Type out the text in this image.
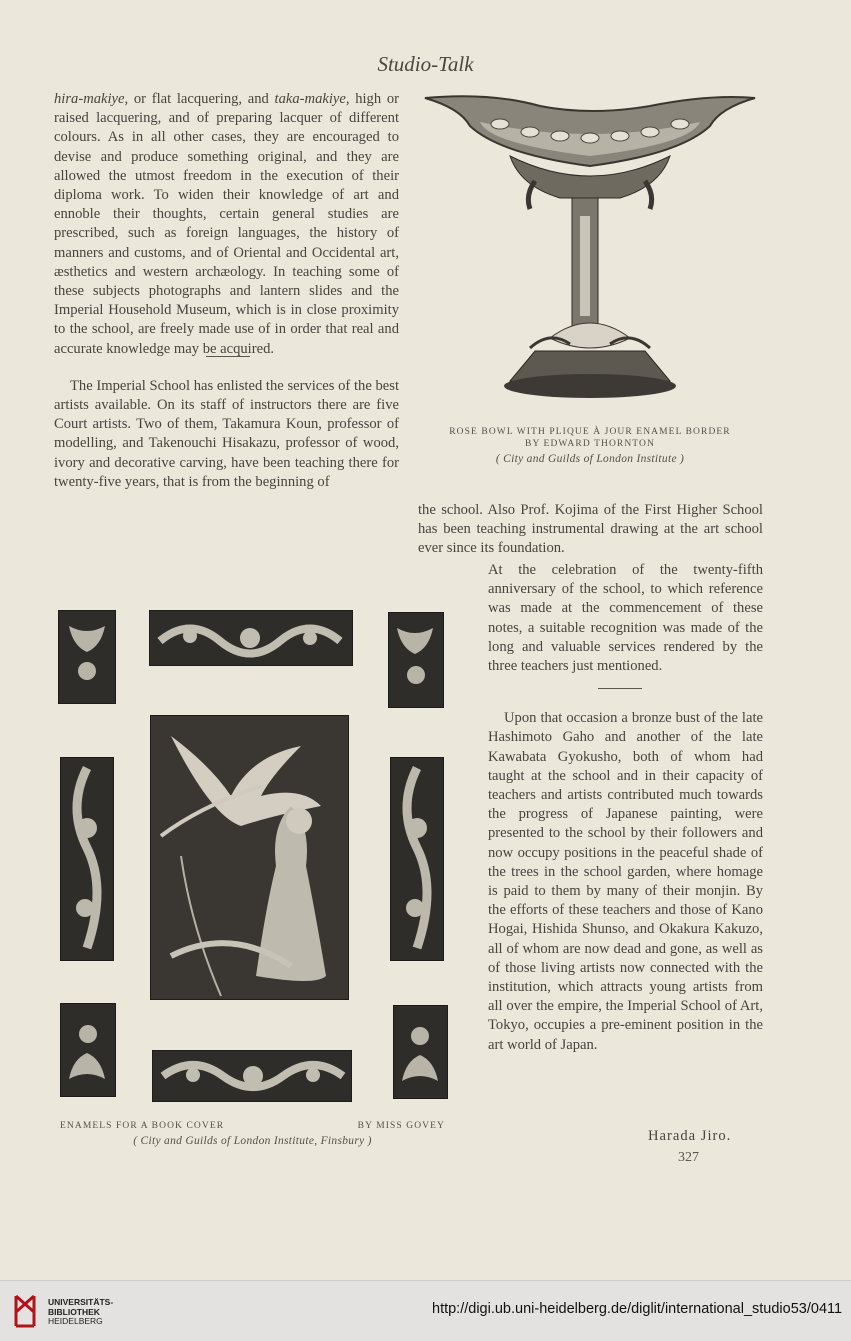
Studio-Talk

hira-makiye, or flat lacquering, and taka-makiye, high or raised lacquering, and of preparing lacquer of different colours. As in all other cases, they are encouraged to devise and produce something original, and they are allowed the utmost freedom in the execution of their diploma work. To widen their knowledge of art and ennoble their thoughts, certain general studies are prescribed, such as foreign languages, the history of manners and customs, and of Oriental and Occidental art, æsthetics and western archæology. In teaching some of these subjects photographs and lantern slides and the Imperial Household Museum, which is in close proximity to the school, are freely made use of in order that real and accurate knowledge may be acquired.

The Imperial School has enlisted the services of the best artists available. On its staff of instructors there are five Court artists. Two of them, Takamura Koun, professor of modelling, and Takenouchi Hisakazu, professor of wood, ivory and decorative carving, have been teaching there for twenty-five years, that is from the beginning of

ROSE BOWL WITH PLIQUE À JOUR ENAMEL BORDER
BY EDWARD THORNTON
( City and Guilds of London Institute )
the school. Also Prof. Kojima of the First Higher School has been teaching instrumental drawing at the art school ever since its foundation.

At the celebration of the twenty-fifth anniversary of the school, to which reference was made at the commencement of these notes, a suitable recognition was made of the long and valuable services rendered by the three teachers just mentioned.

Upon that occasion a bronze bust of the late Hashimoto Gaho and another of the late Kawabata Gyokusho, both of whom had taught at the school and in their capacity of teachers and artists contributed much towards the progress of Japanese painting, were presented to the school by their followers and now occupy positions in the peaceful shade of the trees in the school garden, where homage is paid to them by many of their monjin. By the efforts of these teachers and those of Kano Hogai, Hishida Shunso, and Okakura Kakuzo, all of whom are now dead and gone, as well as of those living artists now connected with the institution, which attracts young artists from all over the empire, the Imperial School of Art, Tokyo, occupies a pre-eminent position in the art world of Japan.

Harada Jiro.
327
ENAMELS FOR A BOOK COVER	BY MISS GOVEY
( City and Guilds of London Institute, Finsbury )
UNIVERSITÄTS-
BIBLIOTHEK
HEIDELBERG
http://digi.ub.uni-heidelberg.de/diglit/international_studio53/0411
